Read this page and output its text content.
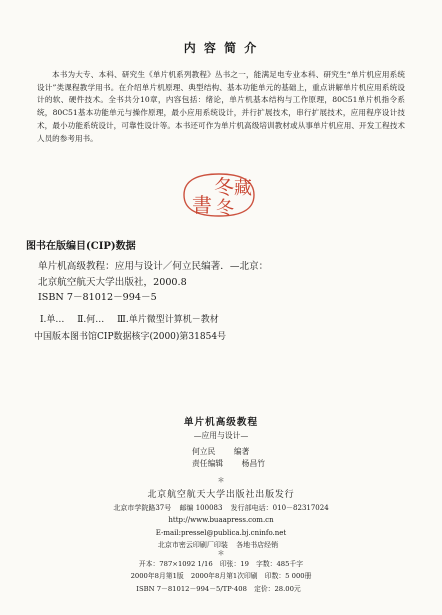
内 容 简 介

本书为大专、本科、研究生《单片机系列教程》丛书之一，能满足电专业本科、研究生“单片机应用系统设计”类课程教学用书。在介绍单片机原理、典型结构、基本功能单元的基础上，重点讲解单片机应用系统设计的软、硬件技术。全书共分10章，内容包括：绪论，单片机基本结构与工作原理，80C51单片机指令系统，80C51基本功能单元与操作原理，最小应用系统设计，并行扩展技术，串行扩展技术，应用程序设计技术，最小功能系统设计，可靠性设计等。本书还可作为单片机高级培训教材或从事单片机应用、开发工程技术人员的参考用书。

冬 藏
書 冬
图书在版编目(CIP)数据
单片机高级教程：应用与设计／何立民编著．—北京：
北京航空航天大学出版社，2000.8
ISBN 7－81012－994－5
Ⅰ.单… Ⅱ.何… Ⅲ.单片微型计算机－教材
中国版本图书馆CIP数据核字(2000)第31854号
单片机高级教程
—应用与设计—
何立民 编著
责任编辑 杨昌竹
＊
北京航空航天大学出版社出版发行
北京市学院路37号 邮编 100083 发行部电话：010－82317024
http://www.buaapress.com.cn
E-mail:pressel@publica.bj.cninfo.net
北京市密云印刷厂印装 各地书店经销
＊
开本：787×1092 1/16 印张：19 字数：485千字
2000年8月第1版 2000年8月第1次印刷 印数：5 000册
ISBN 7－81012－994－5/TP·408 定价：28.00元
